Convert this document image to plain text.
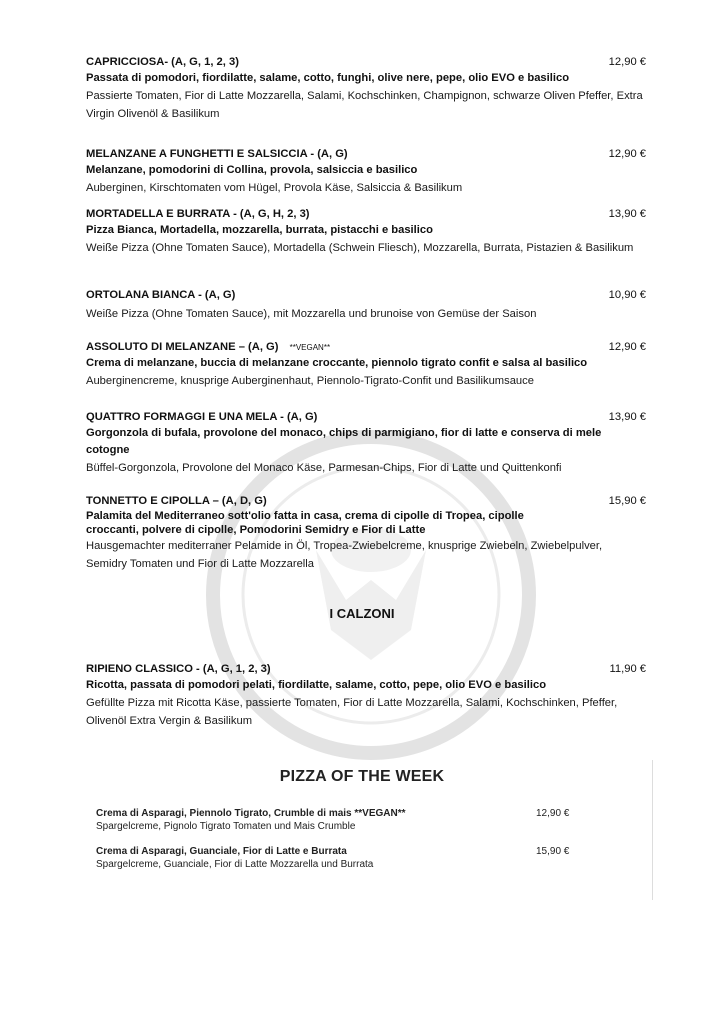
CAPRICCIOSA- (A, G, 1, 2, 3)	12,90 €
Passata di pomodori, fiordilatte, salame, cotto, funghi, olive nere, pepe, olio EVO e basilico
Passierte Tomaten, Fior di Latte Mozzarella, Salami, Kochschinken, Champignon, schwarze Oliven Pfeffer, Extra Virgin Olivenöl & Basilikum
MELANZANE A FUNGHETTI E SALSICCIA - (A, G)	12,90 €
Melanzane, pomodorini di Collina, provola, salsiccia e basilico
Auberginen, Kirschtomaten vom Hügel, Provola Käse, Salsiccia & Basilikum
MORTADELLA E BURRATA - (A, G, H, 2, 3)	13,90 €
Pizza Bianca, Mortadella, mozzarella, burrata, pistacchi e basilico
Weiße Pizza (Ohne Tomaten Sauce), Mortadella (Schwein Fliesch), Mozzarella, Burrata, Pistazien & Basilikum
ORTOLANA BIANCA - (A, G)	10,90 €
Weiße Pizza (Ohne Tomaten Sauce), mit Mozzarella und brunoise von Gemüse der Saison
ASSOLUTO DI MELANZANE – (A, G) **VEGAN**	12,90 €
Crema di melanzane, buccia di melanzane croccante, piennolo tigrato confit e salsa al basilico
Auberginencreme, knusprige Auberginenhaut, Piennolo-Tigrato-Confit und Basilikumsauce
QUATTRO FORMAGGI E UNA MELA - (A, G)	13,90 €
Gorgonzola di bufala, provolone del monaco, chips di parmigiano, fior di latte e conserva di mele cotogne
Büffel-Gorgonzola, Provolone del Monaco Käse, Parmesan-Chips, Fior di Latte und Quittenkonfi
TONNETTO E CIPOLLA – (A, D, G)	15,90 €
Palamita del Mediterraneo sott'olio fatta in casa, crema di cipolle di Tropea, cipolle croccanti, polvere di cipolle, Pomodorini Semidry e Fior di Latte
Hausgemachter mediterraner Pelamide in Öl, Tropea-Zwiebelcreme, knusprige Zwiebeln, Zwiebelpulver, Semidry Tomaten und Fior di Latte Mozzarella
I CALZONI
RIPIENO CLASSICO - (A, G, 1, 2, 3)	11,90 €
Ricotta, passata di pomodori pelati, fiordilatte, salame, cotto, pepe, olio EVO e basilico
Gefüllte Pizza mit Ricotta Käse, passierte Tomaten, Fior di Latte Mozzarella, Salami, Kochschinken, Pfeffer, Olivenöl Extra Vergin & Basilikum
PIZZA OF THE WEEK
Crema di Asparagi, Piennolo Tigrato, Crumble di mais **VEGAN**	12,90 €
Spargelcreme, Pignolo Tigrato Tomaten und Mais Crumble
Crema di Asparagi, Guanciale, Fior di Latte e Burrata	15,90 €
Spargelcreme, Guanciale, Fior di Latte Mozzarella und Burrata
